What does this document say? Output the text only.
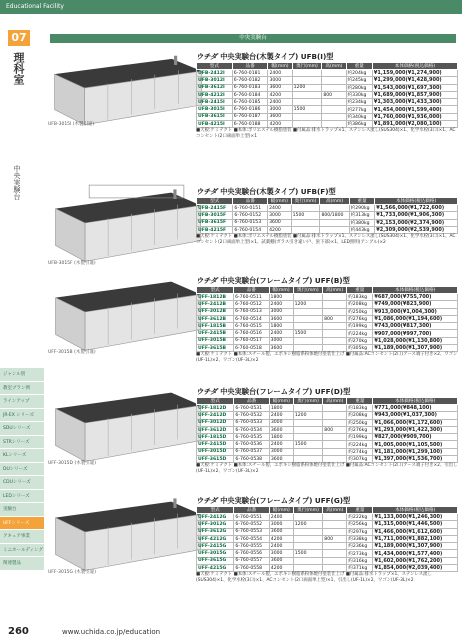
Educational Facility
07
理科室
中央実験台
中央実験台
ジャンル別
教室プラン例
ラインアップ
JR-EX シリーズ
SDUシリーズ
STRシリーズ
KLシリーズ
DUシリーズ
CDUシリーズ
LEDシリーズ
実験台
UFFシリーズ
アキュア事業
ミニホールディング
関連製品
UFB-3015I (木製引違)
ウチダ 中央実験台(木製タイプ) UFB(I)型
型式	品番	幅(mm)	奥行(mm)	高(mm)	重量	本体価格(税込価格)
UFB-2412I	6-760-0181	2400			約204kg	¥1,159,000(¥1,274,900)
UFB-3012I	6-760-0182	3000			約245kg	¥1,299,000(¥1,428,900)
UFB-3612I	6-760-0183	3600	1200		約280kg	¥1,543,000(¥1,697,300)
UFB-4212I	6-760-0184	4200		800	約330kg	¥1,689,000(¥1,857,900)
UFB-2415I	6-760-0185	2400			約234kg	¥1,303,000(¥1,433,300)
UFB-3015I	6-760-0186	3000	1500		約277kg	¥1,454,000(¥1,599,400)
UFB-3615I	6-760-0187	3600			約340kg	¥1,760,000(¥1,936,000)
UFB-4215I	6-760-0188	4200			約386kg	¥1,891,000(¥2,080,100)
■天板:ケミテクト ■本体:ポリエステル樹脂塗装 ■付属品:排水トラップ×1、ステンレス流し(SUS304)×1、化学水栓(3口)×1、ACコンセント(2口両面単上型)×1
UFB-3015F (木製引違)
ウチダ 中央実験台(木製タイプ) UFB(F)型
型式	品番	幅(mm)	奥行(mm)	高(mm)	重量	本体価格(税込価格)
UFB-2415F	6-760-0151	2400			約290kg	¥1,566,000(¥1,722,600)
UFB-3015F	6-760-0152	3000	1500	800/1800	約313kg	¥1,733,000(¥1,906,300)
UFB-3615F	6-760-0153	3600			約380kg	¥2,153,000(¥2,374,900)
UFB-4215F	6-760-0154	4200			約443kg	¥2,309,000(¥2,539,900)
■天板:ケミテクト ■本体:ポリエステル樹脂塗装 ■付属品:排水トラップ×1、ステンレス流し(SUS304)×1、化学水栓(3口)×1、ACコンセント(2口両面単上型)×1、試薬棚(ガラス引き違い戸、蛍下部)×1、LED照明(アングル)×2
UFF-3015B (木製引違)
ウチダ 中央実験台(フレームタイプ) UFF(B)型
型式	品番	幅(mm)	奥行(mm)	高(mm)	重量	本体価格(税込価格)
UFF-1812B	6-760-0511	1800			約183kg	¥687,000(¥755,700)
UFF-2412B	6-760-0512	2400	1200		約208kg	¥749,000(¥823,900)
UFF-3012B	6-760-0513	3000			約250kg	¥913,000(¥1,004,300)
UFF-3612B	6-760-0514	3600		800	約276kg	¥1,086,000(¥1,194,600)
UFF-1815B	6-760-0515	1800			約199kg	¥743,000(¥817,300)
UFF-2415B	6-760-0516	2400	1500		約224kg	¥907,000(¥997,700)
UFF-3015B	6-760-0517	3000			約270kg	¥1,028,000(¥1,130,800)
UFF-3615B	6-760-0518	3600			約305kg	¥1,189,000(¥1,307,900)
■天板:ケミテクト ■本体:スチール製、エポキシ樹脂系粉体焼付塗装仕上げ ■付属品:ACコンセント(2口)アース端子付き×2、ワゴン(UF-1L)×2、ワゴン(UF-3L)×2
UFF-3015D (木製引違)
ウチダ 中央実験台(フレームタイプ) UFF(D)型
型式	品番	幅(mm)	奥行(mm)	高(mm)	重量	本体価格(税込価格)
UFF-1812D	6-760-0531	1800			約183kg	¥771,000(¥848,100)
UFF-2412D	6-760-0532	2400	1200		約208kg	¥943,000(¥1,037,300)
UFF-3012D	6-760-0533	3000			約250kg	¥1,066,000(¥1,172,600)
UFF-3612D	6-760-0534	3600		800	約276kg	¥1,293,000(¥1,422,300)
UFF-1815D	6-760-0535	1800			約199kg	¥827,000(¥909,700)
UFF-2415D	6-760-0536	2400	1500		約224kg	¥1,005,000(¥1,105,500)
UFF-3015D	6-760-0537	3000			約274kg	¥1,181,000(¥1,299,100)
UFF-3615D	6-760-0538	3600			約307kg	¥1,397,000(¥1,536,700)
■天板:ケミテクト ■本体:スチール製、エポキシ樹脂系粉体焼付塗装仕上げ ■付属品:ACコンセント(2口)アース端子付き×2、引出し(UF-1L)×2、ワゴン(UF-3L)×2
UFF-3015G (木製引違)
ウチダ 中央実験台(フレームタイプ) UFF(G)型
型式	品番	幅(mm)	奥行(mm)	高(mm)	重量	本体価格(税込価格)
UFF-2412G	6-760-0551	2400			約222kg	¥1,133,000(¥1,246,300)
UFF-3012G	6-760-0552	3000	1200		約256kg	¥1,315,000(¥1,446,500)
UFF-3612G	6-760-0553	3600			約297kg	¥1,466,000(¥1,612,600)
UFF-4212G	6-760-0554	4200		800	約338kg	¥1,711,000(¥1,882,100)
UFF-2415G	6-760-0555	2400			約236kg	¥1,189,000(¥1,307,900)
UFF-3015G	6-760-0556	3000	1500		約273kg	¥1,434,000(¥1,577,400)
UFF-3615G	6-760-0557	3600			約316kg	¥1,602,000(¥1,762,200)
UFF-4215G	6-760-0558	4200			約371kg	¥1,854,000(¥2,039,400)
■天板:ケミテクト ■本体:スチール製、エポキシ樹脂系粉体焼付塗装仕上げ ■付属品:排水トラップ×1、ステンレス流し(SUS304)×1、化学水栓(3口)×1、ACコンセント(2口両面単上型)×1、引出し(UF-1L)×2、ワゴン(UF-3L)×2
260	www.uchida.co.jp/education
